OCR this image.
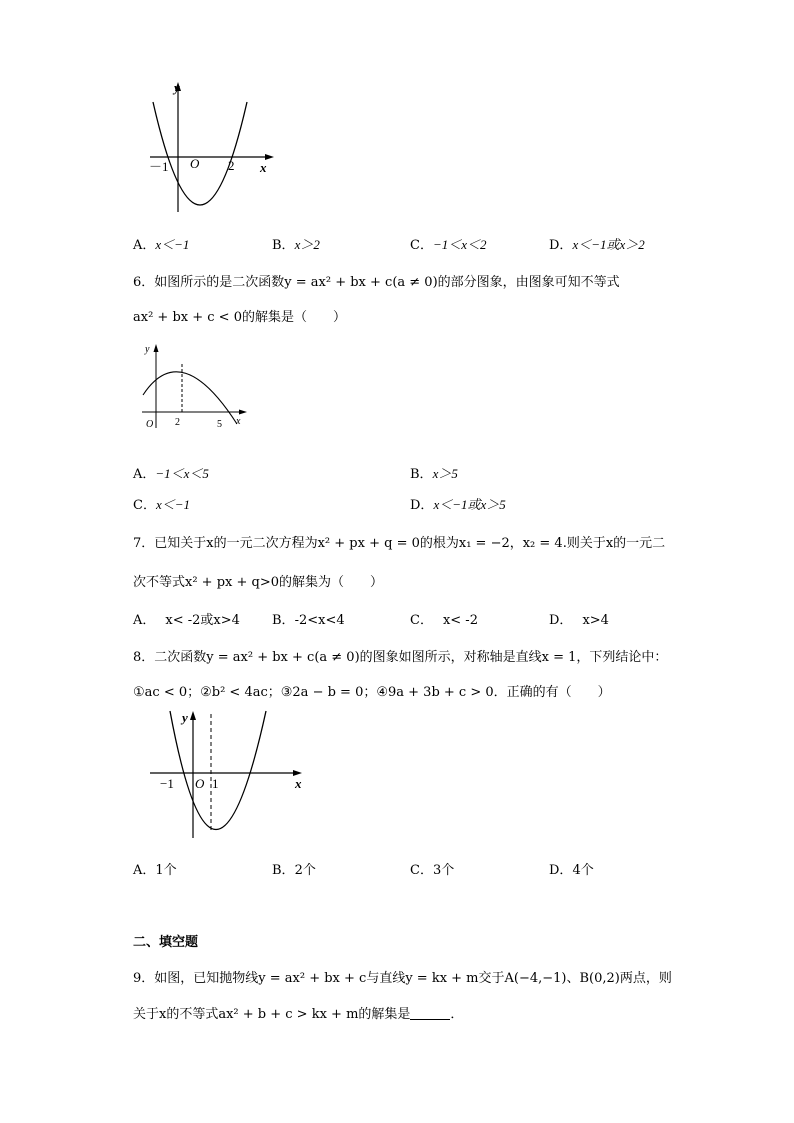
y
x
O
－1	2
A．x＜−1	B．x＞2	C．−1＜x＜2	D．x＜−1或x＞2
6．如图所示的是二次函数y = ax² + bx + c(a ≠ 0)的部分图象，由图象可知不等式
ax² + bx + c < 0的解集是（　　）
y
x
O 2	5
A．−1＜x＜5	B．x＞5
C．x＜−1	D．x＜−1或x＞5
7．已知关于x的一元二次方程为x² + px + q = 0的根为x₁ = −2，x₂ = 4.则关于x的一元二
次不等式x² + px + q>0的解集为（　　）
A． x< -2或x>4 B．-2<x<4	C． x< -2	D． x>4
8．二次函数y = ax² + bx + c(a ≠ 0)的图象如图所示，对称轴是直线x = 1，下列结论中：
①ac < 0；②b² < 4ac；③2a − b = 0；④9a + 3b + c > 0．正确的有（　　）
y
x
O
−1	1
A．1个	B．2个	C．3个	D．4个
二、填空题
9．如图，已知抛物线y = ax² + bx + c与直线y = kx + m交于A(−4,−1)、B(0,2)两点，则
关于x的不等式ax² + b + c > kx + m的解集是	．
